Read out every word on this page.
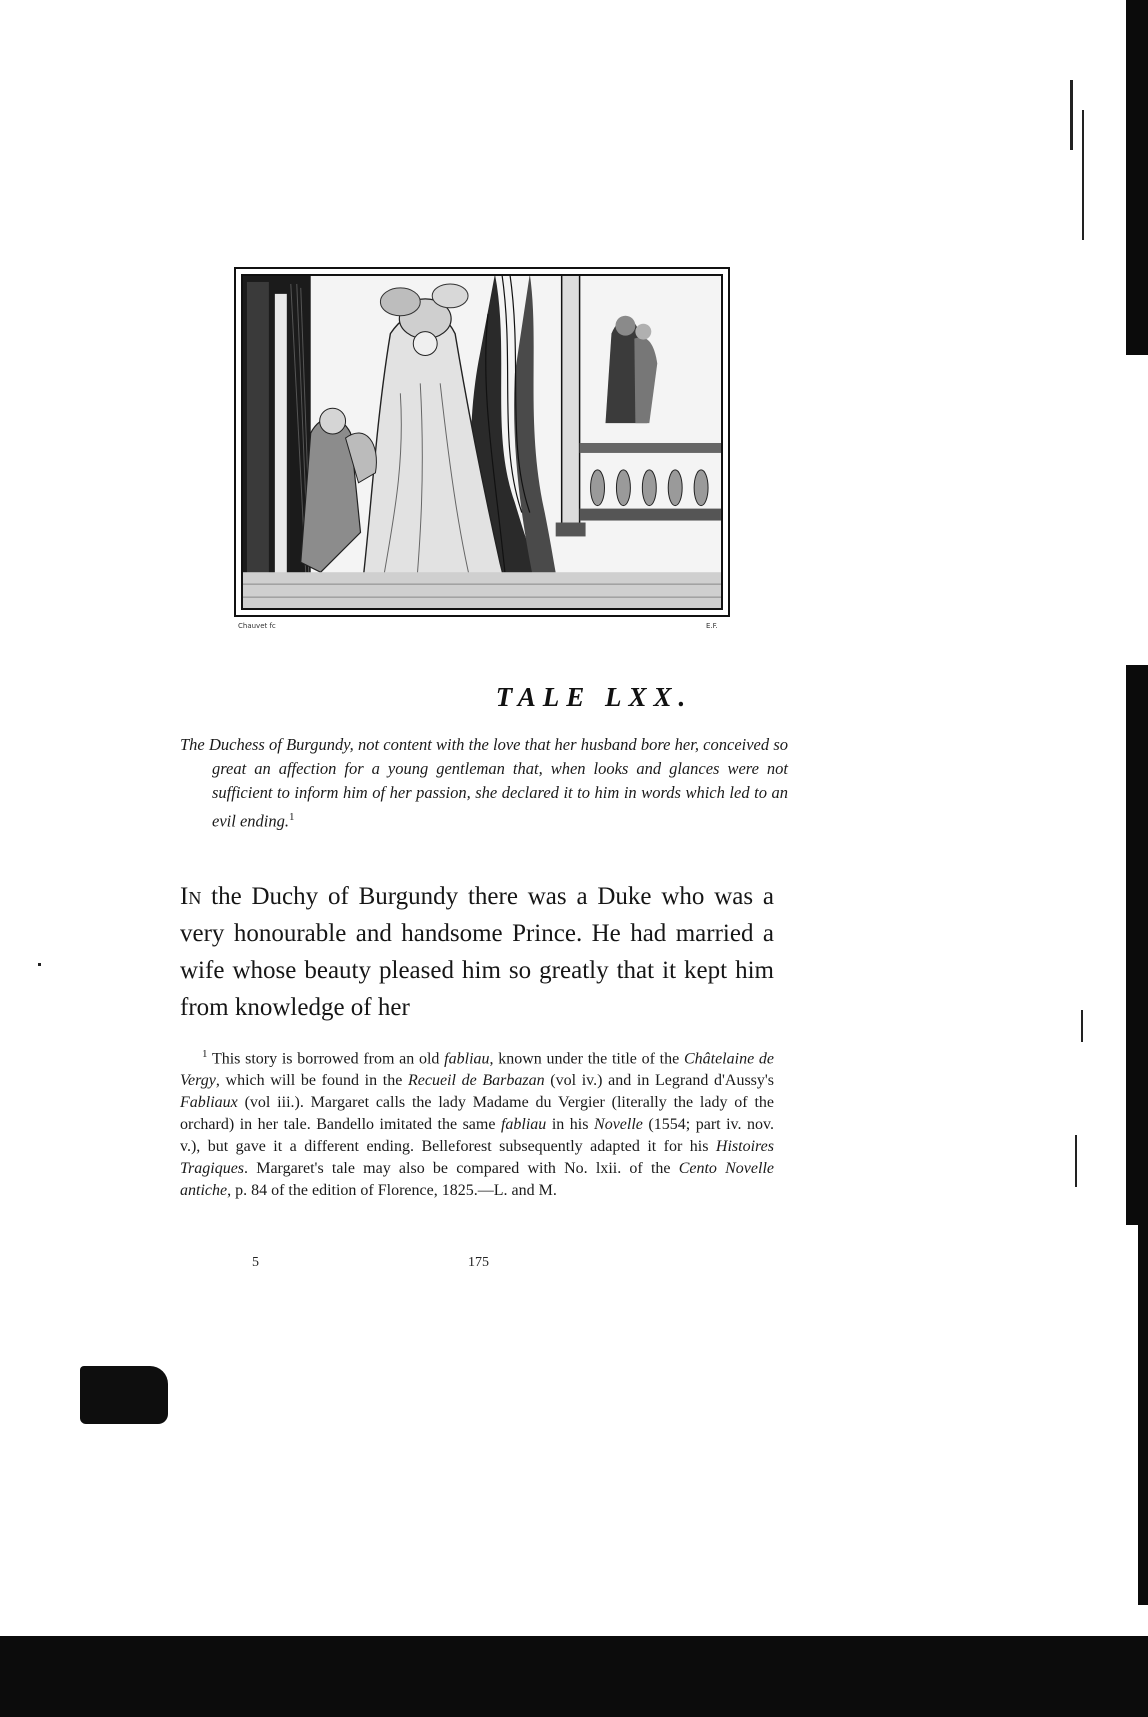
Chauvet fc	E.F.
TALE LXX.

The Duchess of Burgundy, not content with the love that her husband bore her, conceived so great an affection for a young gentleman that, when looks and glances were not sufficient to inform him of her passion, she declared it to him in words which led to an evil ending.$^1$

In the Duchy of Burgundy there was a Duke who was a very honourable and handsome Prince. He had married a wife whose beauty pleased him so greatly that it kept him from knowledge of her

$^1$ This story is borrowed from an old fabliau, known under the title of the Châtelaine de Vergy, which will be found in the Recueil de Barbazan (vol iv.) and in Legrand d'Aussy's Fabliaux (vol iii.). Margaret calls the lady Madame du Vergier (literally the lady of the orchard) in her tale. Bandello imitated the same fabliau in his Novelle (1554; part iv. nov. v.), but gave it a different ending. Belleforest subsequently adapted it for his Histoires Tragiques. Margaret's tale may also be compared with No. lxii. of the Cento Novelle antiche, p. 84 of the edition of Florence, 1825.—L. and M.

5	175
